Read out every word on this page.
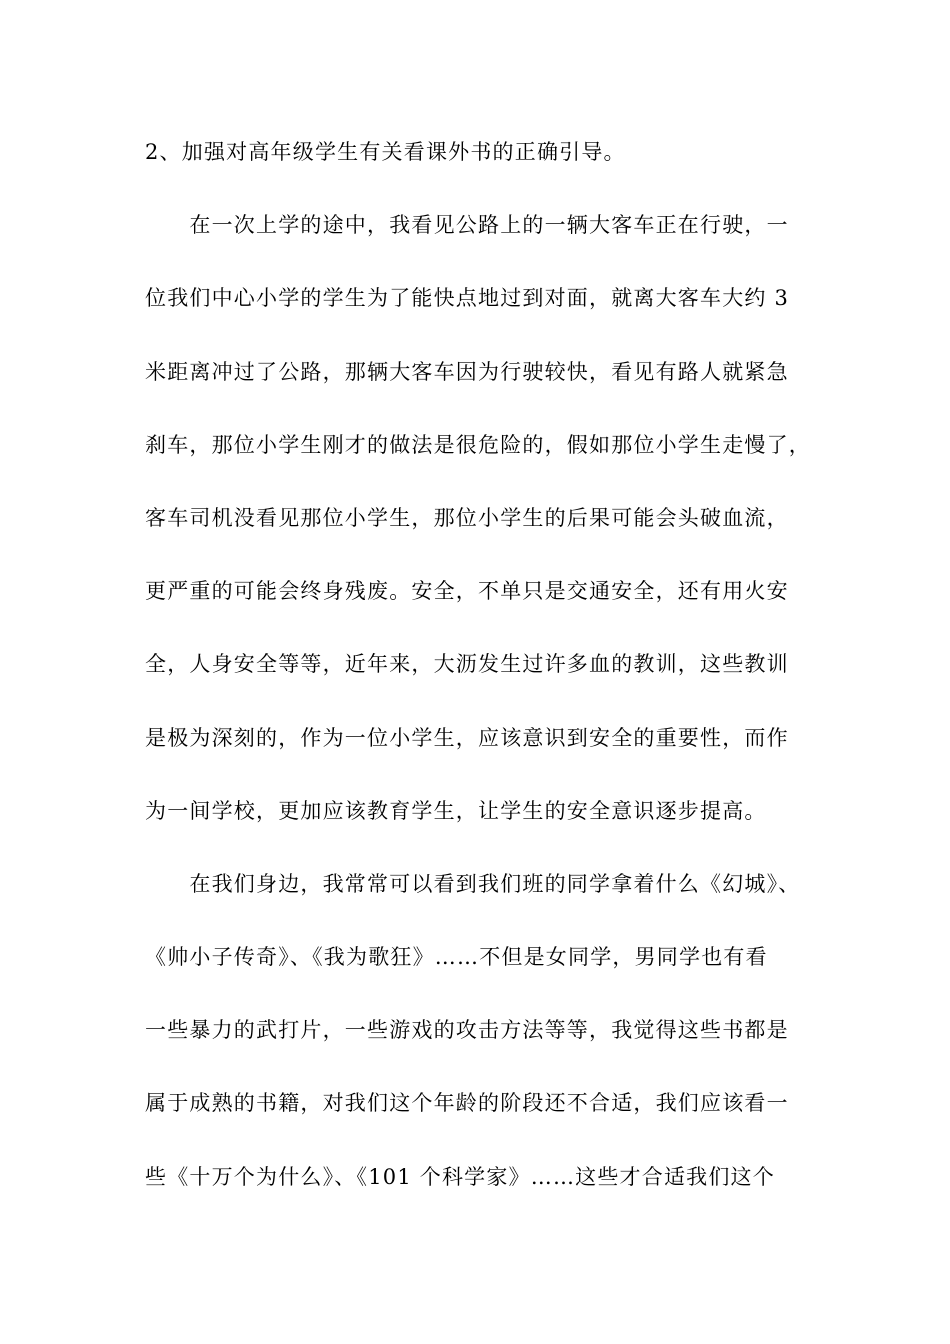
2、加强对高年级学生有关看课外书的正确引导。
　　在一次上学的途中，我看见公路上的一辆大客车正在行驶，一
位我们中心小学的学生为了能快点地过到对面，就离大客车大约 3
米距离冲过了公路，那辆大客车因为行驶较快，看见有路人就紧急
刹车，那位小学生刚才的做法是很危险的，假如那位小学生走慢了，
客车司机没看见那位小学生，那位小学生的后果可能会头破血流，
更严重的可能会终身残废。安全，不单只是交通安全，还有用火安
全，人身安全等等，近年来，大沥发生过许多血的教训，这些教训
是极为深刻的，作为一位小学生，应该意识到安全的重要性，而作
为一间学校，更加应该教育学生，让学生的安全意识逐步提高。
　　在我们身边，我常常可以看到我们班的同学拿着什么《幻城》、
《帅小子传奇》、《我为歌狂》……不但是女同学，男同学也有看
一些暴力的武打片，一些游戏的攻击方法等等，我觉得这些书都是
属于成熟的书籍，对我们这个年龄的阶段还不合适，我们应该看一
些《十万个为什么》、《101 个科学家》……这些才合适我们这个
